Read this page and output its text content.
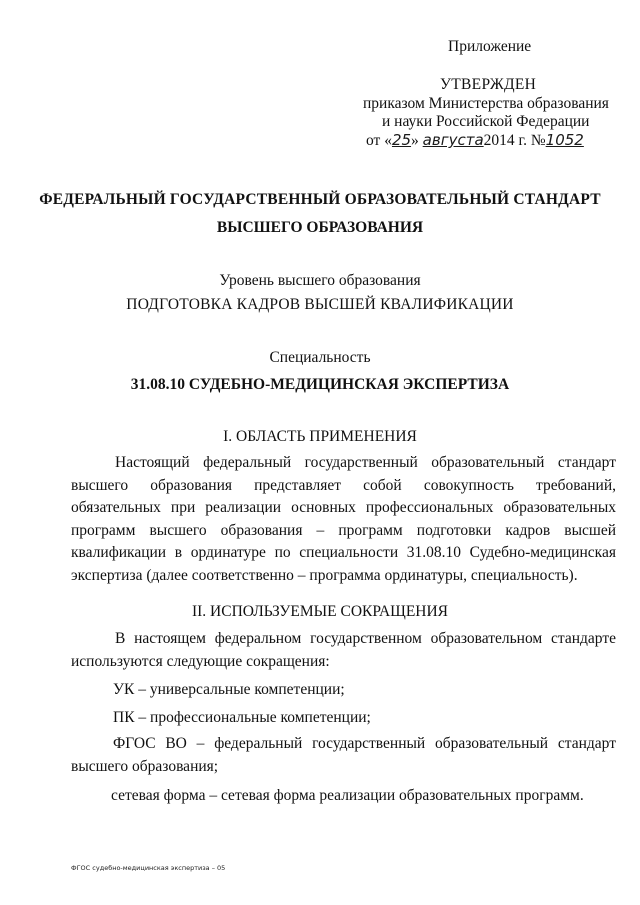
Приложение
УТВЕРЖДЕН
приказом Министерства образования
и науки Российской Федерации
от «25» августа2014 г. №1052
ФЕДЕРАЛЬНЫЙ ГОСУДАРСТВЕННЫЙ ОБРАЗОВАТЕЛЬНЫЙ СТАНДАРТ
ВЫСШЕГО ОБРАЗОВАНИЯ
Уровень высшего образования
ПОДГОТОВКА КАДРОВ ВЫСШЕЙ КВАЛИФИКАЦИИ
Специальность
31.08.10 СУДЕБНО-МЕДИЦИНСКАЯ ЭКСПЕРТИЗА
I. ОБЛАСТЬ ПРИМЕНЕНИЯ
Настоящий федеральный государственный образовательный стандарт высшего образования представляет собой совокупность требований, обязательных при реализации основных профессиональных образовательных программ высшего образования – программ подготовки кадров высшей квалификации в ординатуре по специальности 31.08.10 Судебно-медицинская экспертиза (далее соответственно – программа ординатуры, специальность).
II. ИСПОЛЬЗУЕМЫЕ СОКРАЩЕНИЯ
В настоящем федеральном государственном образовательном стандарте используются следующие сокращения:
УК – универсальные компетенции;
ПК – профессиональные компетенции;
ФГОС ВО – федеральный государственный образовательный стандарт высшего образования;
сетевая форма – сетевая форма реализации образовательных программ.
ФГОС судебно-медицинская экспертиза – 05
